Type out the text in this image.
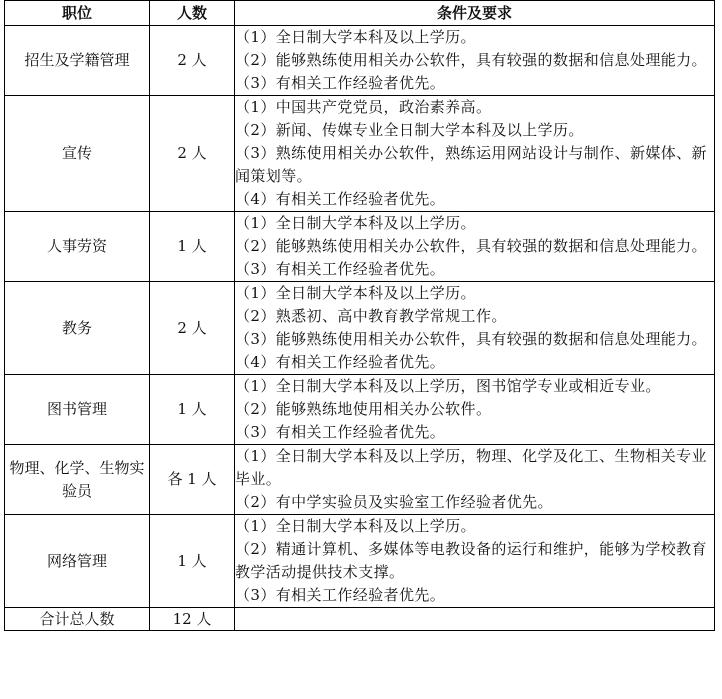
职位	人数	条件及要求
招生及学籍管理	2 人	（1）全日制大学本科及以上学历。
（2）能够熟练使用相关办公软件，具有较强的数据和信息处理能力。
（3）有相关工作经验者优先。

宣传	2 人	（1）中国共产党党员，政治素养高。
（2）新闻、传媒专业全日制大学本科及以上学历。
（3）熟练使用相关办公软件，熟练运用网站设计与制作、新媒体、新闻策划等。
（4）有相关工作经验者优先。

人事劳资	1 人	（1）全日制大学本科及以上学历。
（2）能够熟练使用相关办公软件，具有较强的数据和信息处理能力。
（3）有相关工作经验者优先。

教务	2 人	（1）全日制大学本科及以上学历。
（2）熟悉初、高中教育教学常规工作。
（3）能够熟练使用相关办公软件，具有较强的数据和信息处理能力。
（4）有相关工作经验者优先。

图书管理	1 人	（1）全日制大学本科及以上学历，图书馆学专业或相近专业。
（2）能够熟练地使用相关办公软件。
（3）有相关工作经验者优先。

物理、化学、生物实验员	各 1 人	（1）全日制大学本科及以上学历，物理、化学及化工、生物相关专业毕业。
（2）有中学实验员及实验室工作经验者优先。

网络管理	1 人	（1）全日制大学本科及以上学历。
（2）精通计算机、多媒体等电教设备的运行和维护，能够为学校教育教学活动提供技术支撑。
（3）有相关工作经验者优先。

合计总人数	12 人	
